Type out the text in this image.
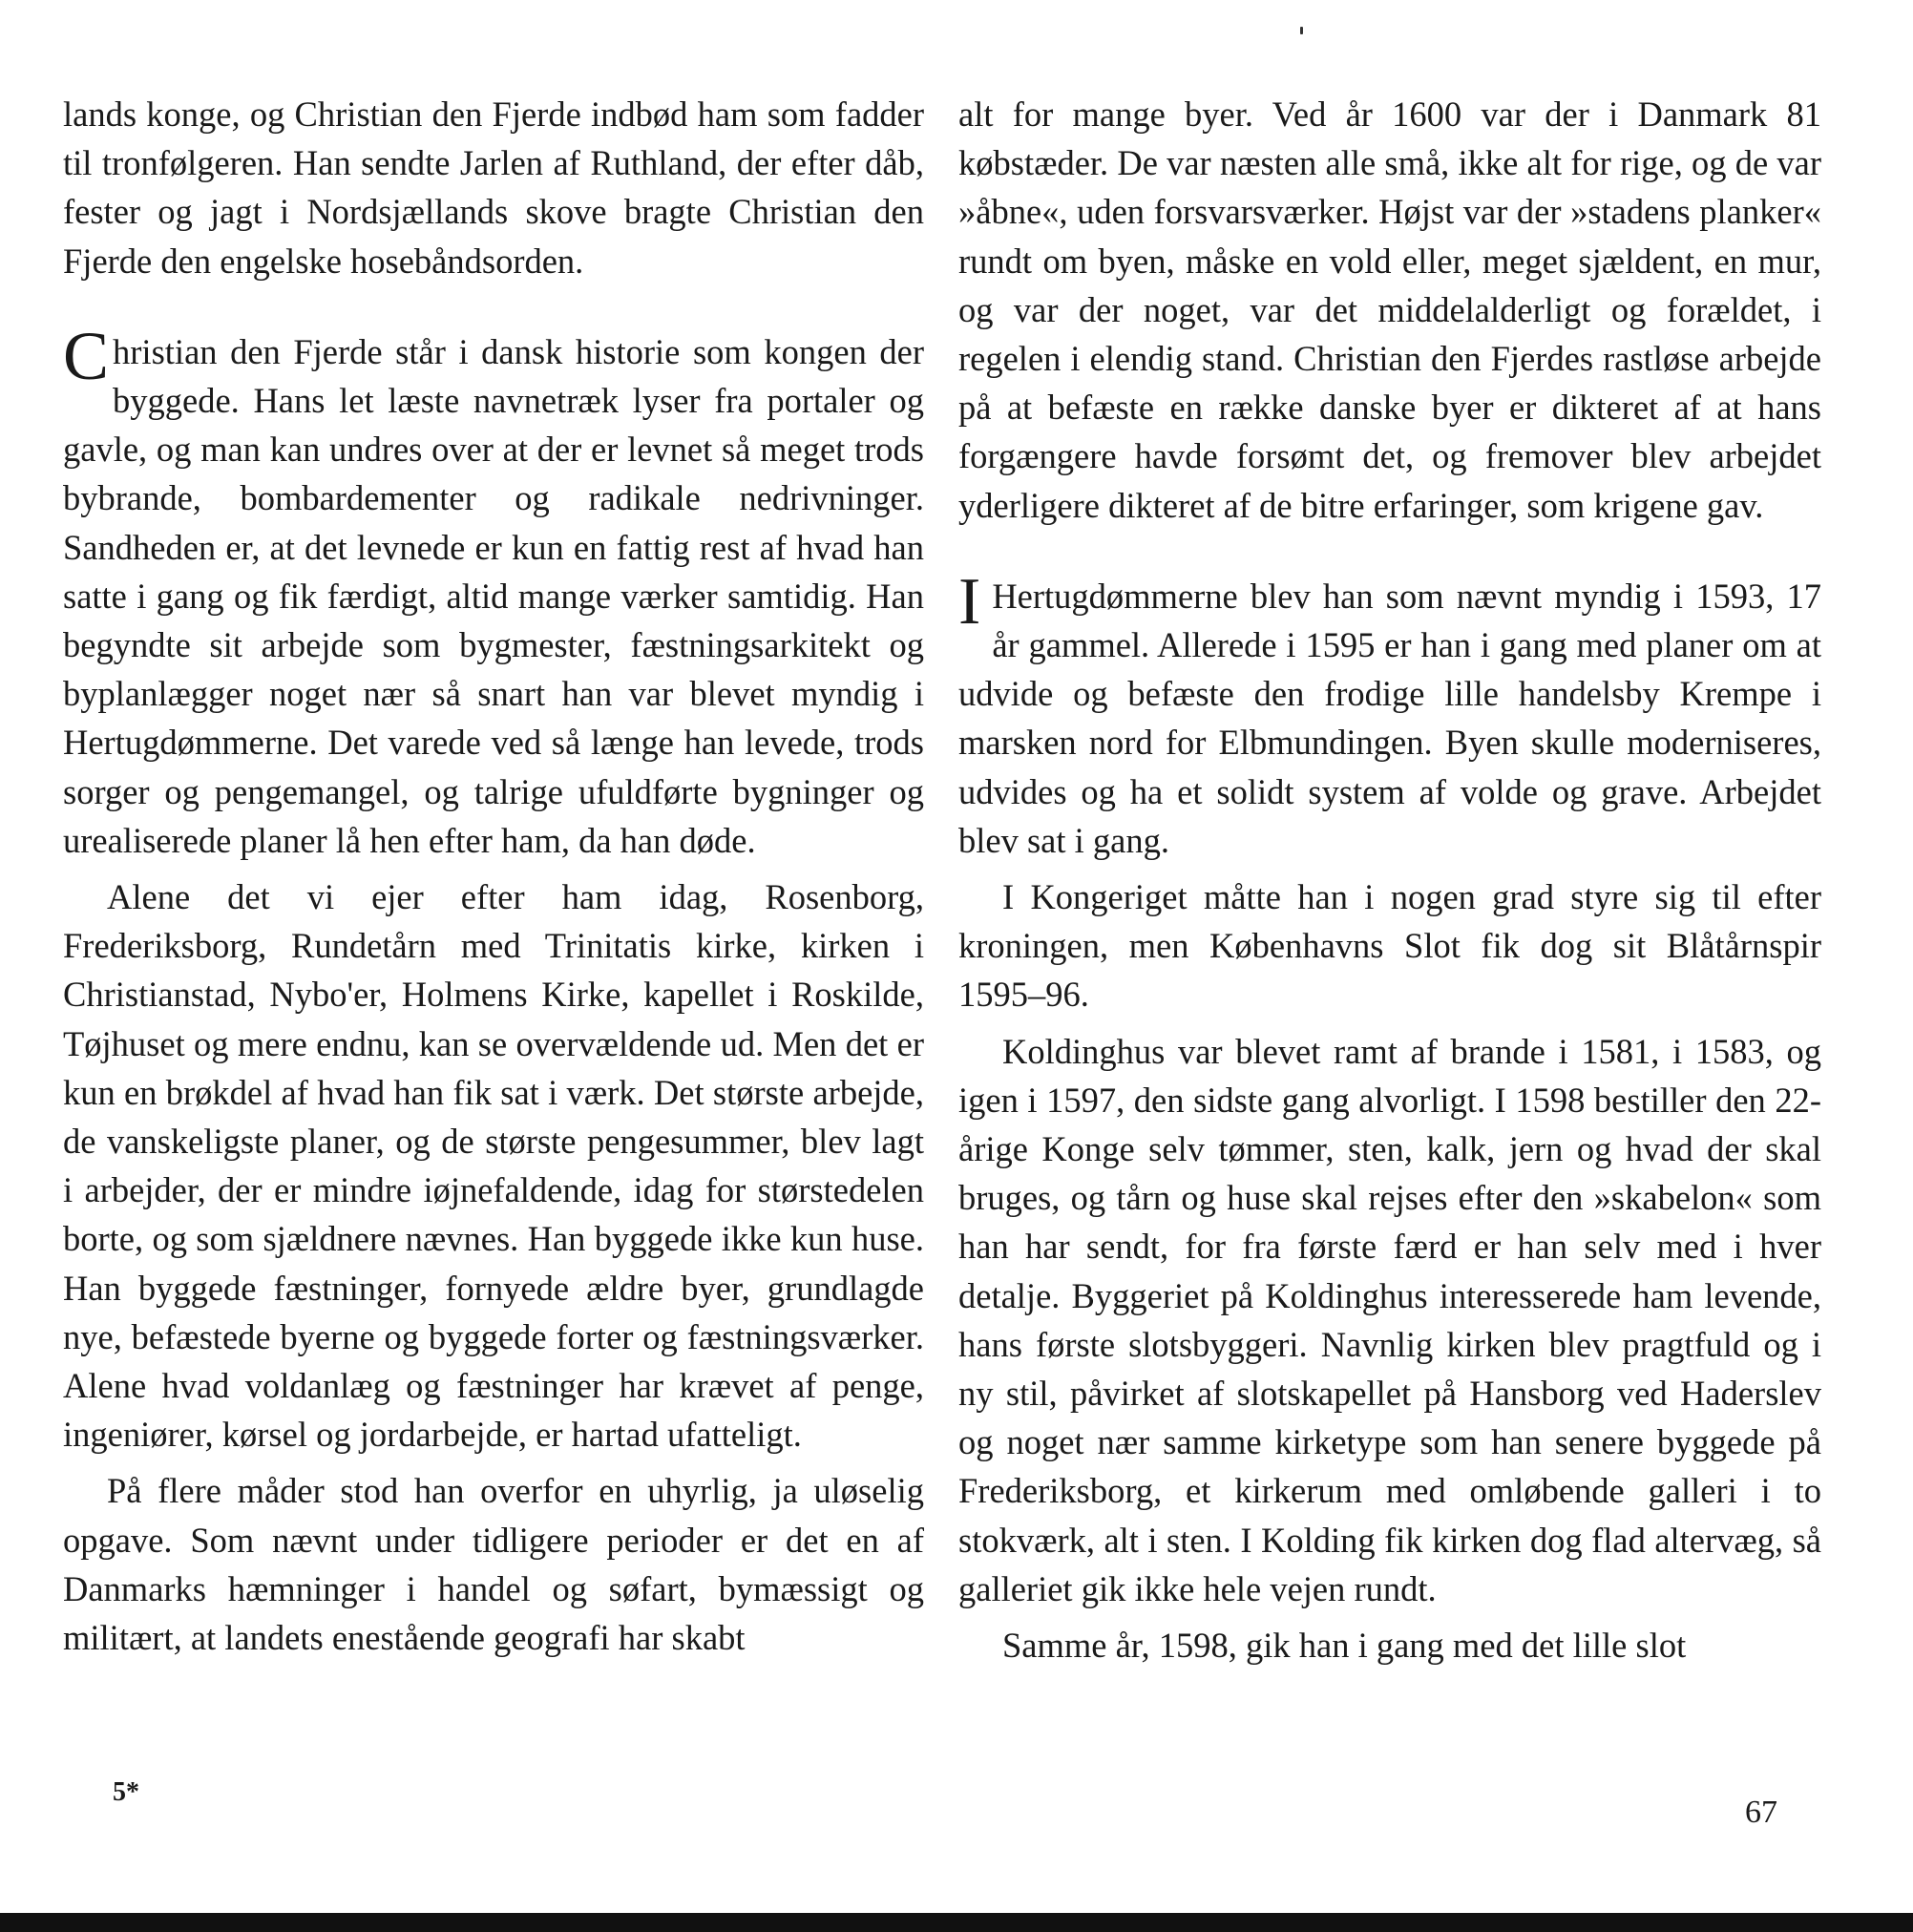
lands konge, og Christian den Fjerde indbød ham som fadder til tronfølgeren. Han sendte Jarlen af Ruthland, der efter dåb, fester og jagt i Nordsjællands skove bragte Christian den Fjerde den engelske hosebåndsorden.

Christian den Fjerde står i dansk historie som kongen der byggede. Hans let læste navnetræk lyser fra portaler og gavle, og man kan undres over at der er levnet så meget trods bybrande, bombardementer og radikale nedrivninger. Sandheden er, at det levnede er kun en fattig rest af hvad han satte i gang og fik færdigt, altid mange værker samtidig. Han begyndte sit arbejde som bygmester, fæstningsarkitekt og byplanlægger noget nær så snart han var blevet myndig i Hertugdømmerne. Det varede ved så længe han levede, trods sorger og pengemangel, og talrige ufuldførte bygninger og urealiserede planer lå hen efter ham, da han døde.

Alene det vi ejer efter ham idag, Rosenborg, Frederiksborg, Rundetårn med Trinitatis kirke, kirken i Christianstad, Nybo'er, Holmens Kirke, kapellet i Roskilde, Tøjhuset og mere endnu, kan se overvældende ud. Men det er kun en brøkdel af hvad han fik sat i værk. Det største arbejde, de vanskeligste planer, og de største pengesummer, blev lagt i arbejder, der er mindre iøjnefaldende, idag for størstedelen borte, og som sjældnere nævnes. Han byggede ikke kun huse. Han byggede fæstninger, fornyede ældre byer, grundlagde nye, befæstede byerne og byggede forter og fæstningsværker. Alene hvad voldanlæg og fæstninger har krævet af penge, ingeniører, kørsel og jordarbejde, er hartad ufatteligt.

På flere måder stod han overfor en uhyrlig, ja uløselig opgave. Som nævnt under tidligere perioder er det en af Danmarks hæmninger i handel og søfart, bymæssigt og militært, at landets enestående geografi har skabt

alt for mange byer. Ved år 1600 var der i Danmark 81 købstæder. De var næsten alle små, ikke alt for rige, og de var »åbne«, uden forsvarsværker. Højst var der »stadens planker« rundt om byen, måske en vold eller, meget sjældent, en mur, og var der noget, var det middelalderligt og forældet, i regelen i elendig stand. Christian den Fjerdes rastløse arbejde på at befæste en række danske byer er dikteret af at hans forgængere havde forsømt det, og fremover blev arbejdet yderligere dikteret af de bitre erfaringer, som krigene gav.

I Hertugdømmerne blev han som nævnt myndig i 1593, 17 år gammel. Allerede i 1595 er han i gang med planer om at udvide og befæste den frodige lille handelsby Krempe i marsken nord for Elbmundingen. Byen skulle moderniseres, udvides og ha et solidt system af volde og grave. Arbejdet blev sat i gang.

I Kongeriget måtte han i nogen grad styre sig til efter kroningen, men Københavns Slot fik dog sit Blåtårnspir 1595–96.

Koldinghus var blevet ramt af brande i 1581, i 1583, og igen i 1597, den sidste gang alvorligt. I 1598 bestiller den 22-årige Konge selv tømmer, sten, kalk, jern og hvad der skal bruges, og tårn og huse skal rejses efter den »skabelon« som han har sendt, for fra første færd er han selv med i hver detalje. Byggeriet på Koldinghus interesserede ham levende, hans første slotsbyggeri. Navnlig kirken blev pragtfuld og i ny stil, påvirket af slotskapellet på Hansborg ved Haderslev og noget nær samme kirketype som han senere byggede på Frederiksborg, et kirkerum med omløbende galleri i to stokværk, alt i sten. I Kolding fik kirken dog flad altervæg, så galleriet gik ikke hele vejen rundt.

Samme år, 1598, gik han i gang med det lille slot

5*
67
